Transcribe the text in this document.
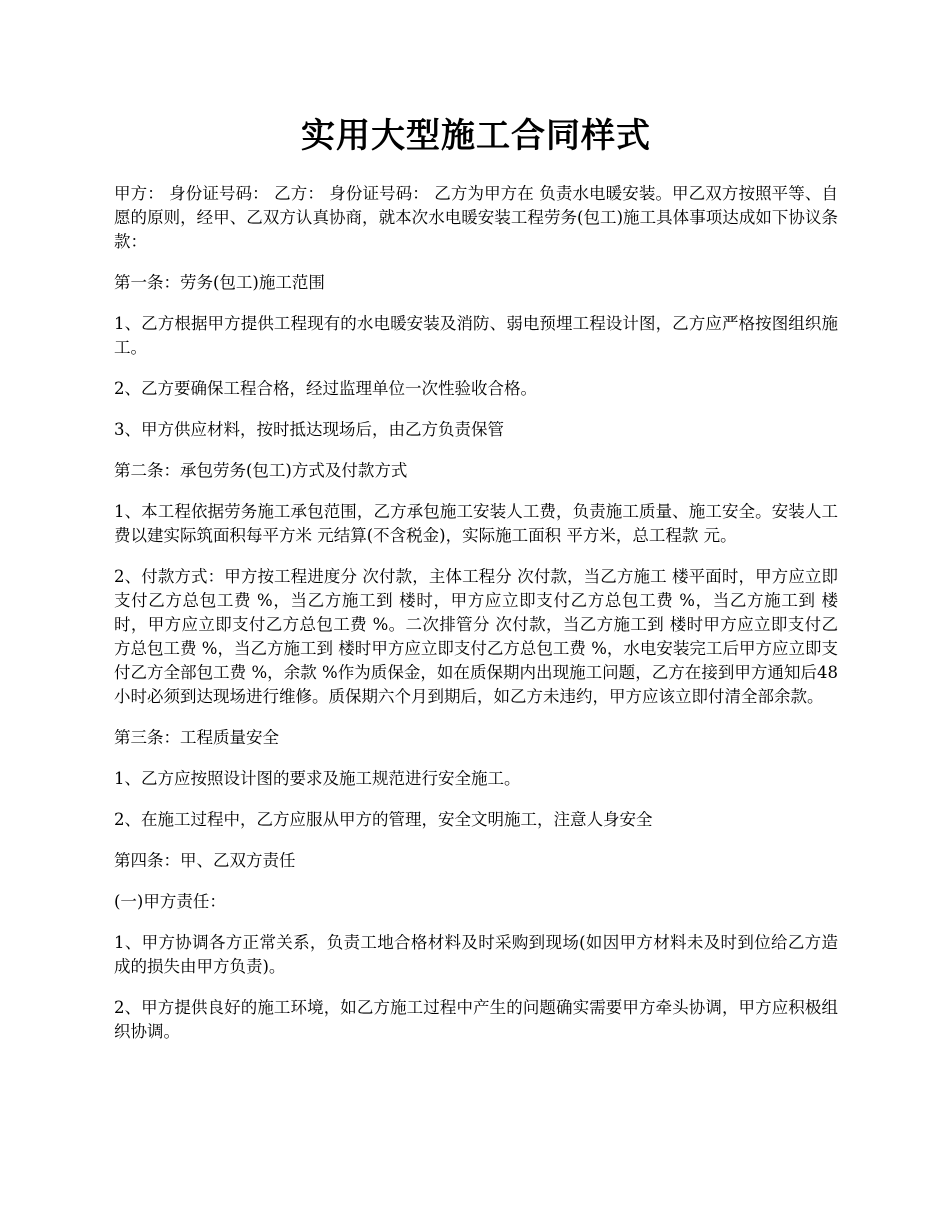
实用大型施工合同样式

甲方： 身份证号码： 乙方： 身份证号码： 乙方为甲方在 负责水电暖安装。甲乙双方按照平等、自愿的原则，经甲、乙双方认真协商，就本次水电暖安装工程劳务(包工)施工具体事项达成如下协议条款：

第一条：劳务(包工)施工范围

1、乙方根据甲方提供工程现有的水电暖安装及消防、弱电预埋工程设计图，乙方应严格按图组织施工。

2、乙方要确保工程合格，经过监理单位一次性验收合格。

3、甲方供应材料，按时抵达现场后，由乙方负责保管

第二条：承包劳务(包工)方式及付款方式

1、本工程依据劳务施工承包范围，乙方承包施工安装人工费，负责施工质量、施工安全。安装人工费以建实际筑面积每平方米 元结算(不含税金)，实际施工面积 平方米，总工程款 元。

2、付款方式：甲方按工程进度分 次付款，主体工程分 次付款，当乙方施工 楼平面时，甲方应立即支付乙方总包工费 %，当乙方施工到 楼时，甲方应立即支付乙方总包工费 %，当乙方施工到 楼时，甲方应立即支付乙方总包工费 %。二次排管分 次付款，当乙方施工到 楼时甲方应立即支付乙方总包工费 %，当乙方施工到 楼时甲方应立即支付乙方总包工费 %，水电安装完工后甲方应立即支付乙方全部包工费 %，余款 %作为质保金，如在质保期内出现施工问题，乙方在接到甲方通知后48小时必须到达现场进行维修。质保期六个月到期后，如乙方未违约，甲方应该立即付清全部余款。

第三条：工程质量安全

1、乙方应按照设计图的要求及施工规范进行安全施工。

2、在施工过程中，乙方应服从甲方的管理，安全文明施工，注意人身安全

第四条：甲、乙双方责任

(一)甲方责任：

1、甲方协调各方正常关系，负责工地合格材料及时采购到现场(如因甲方材料未及时到位给乙方造成的损失由甲方负责)。

2、甲方提供良好的施工环境，如乙方施工过程中产生的问题确实需要甲方牵头协调，甲方应积极组织协调。
